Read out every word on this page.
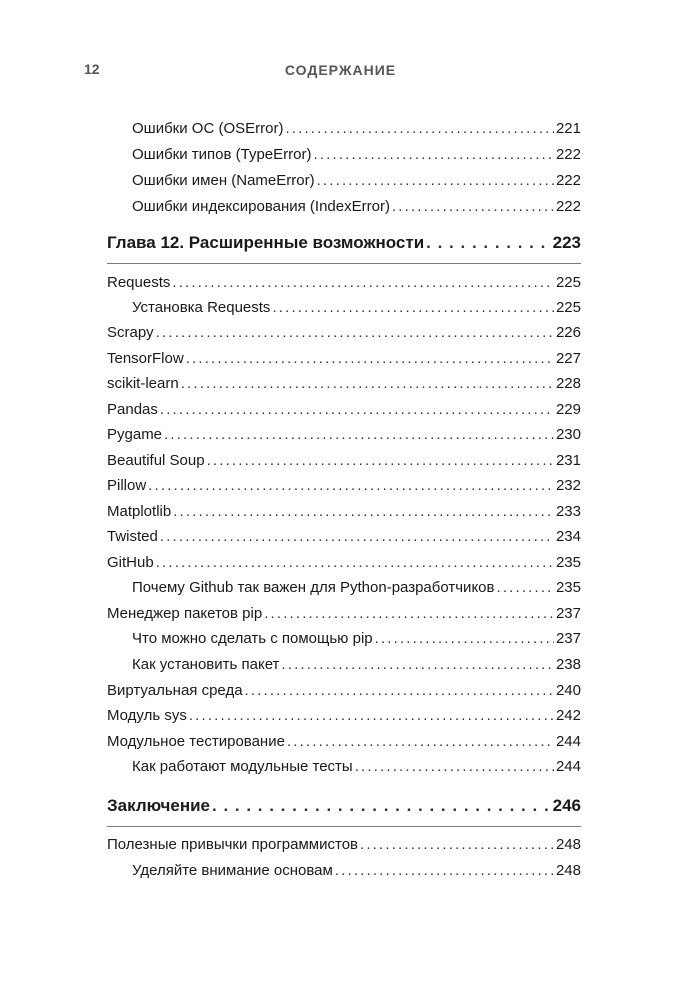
12	СОДЕРЖАНИЕ
Ошибки ОС (OSError) . . .	221
Ошибки типов (TypeError) . . .	222
Ошибки имен (NameError) . . .	222
Ошибки индексирования (IndexError) . . .	222
Глава 12. Расширенные возможности . . .	223
Requests . . .	225
Установка Requests . . .	225
Scrapy . . .	226
TensorFlow . . .	227
scikit-learn . . .	228
Pandas . . .	229
Pygame . . .	230
Beautiful Soup . . .	231
Pillow . . .	232
Matplotlib . . .	233
Twisted . . .	234
GitHub . . .	235
Почему Github так важен для Python-разработчиков . . .	235
Менеджер пакетов pip . . .	237
Что можно сделать с помощью pip . . .	237
Как установить пакет . . .	238
Виртуальная среда . . .	240
Модуль sys . . .	242
Модульное тестирование . . .	244
Как работают модульные тесты . . .	244
Заключение . . .	246
Полезные привычки программистов . . .	248
Уделяйте внимание основам . . .	248
